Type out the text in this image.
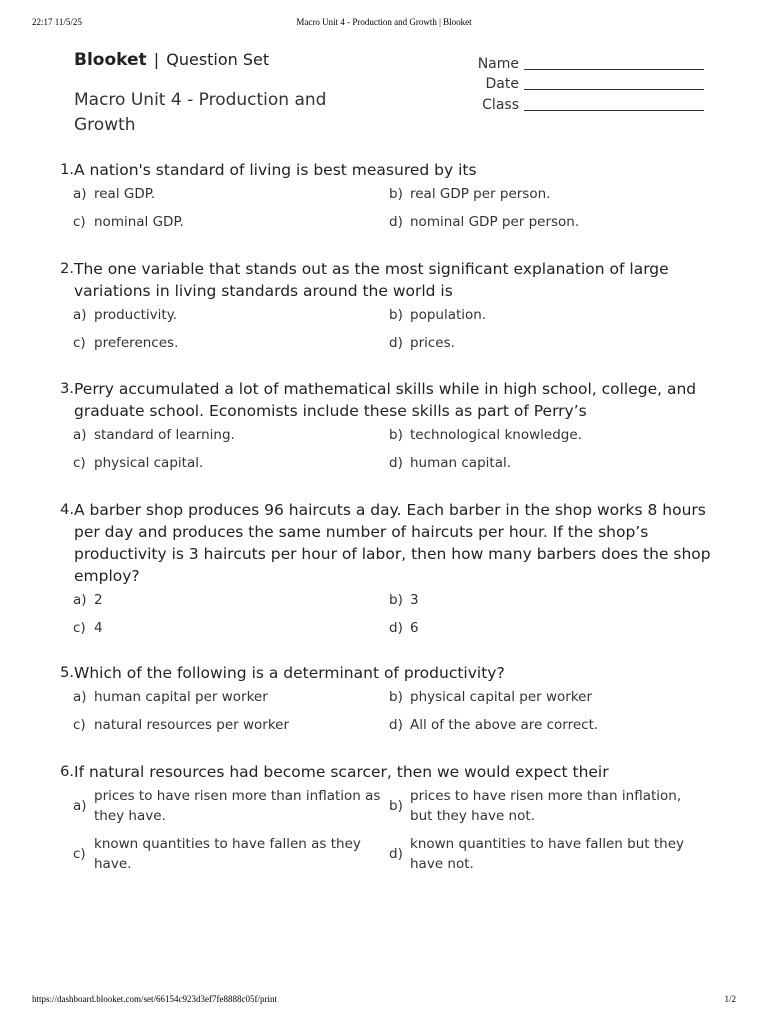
22:17 11/5/25	Macro Unit 4 - Production and Growth | Blooket
Blooket | Question Set
Macro Unit 4 - Production and Growth
Name
Date
Class
1. A nation's standard of living is best measured by its
a) real GDP.	b) real GDP per person.
c) nominal GDP.	d) nominal GDP per person.
2. The one variable that stands out as the most significant explanation of large variations in living standards around the world is
a) productivity.	b) population.
c) preferences.	d) prices.
3. Perry accumulated a lot of mathematical skills while in high school, college, and graduate school. Economists include these skills as part of Perry’s
a) standard of learning.	b) technological knowledge.
c) physical capital.	d) human capital.
4. A barber shop produces 96 haircuts a day. Each barber in the shop works 8 hours per day and produces the same number of haircuts per hour. If the shop’s productivity is 3 haircuts per hour of labor, then how many barbers does the shop employ?
a) 2	b) 3
c) 4	d) 6
5. Which of the following is a determinant of productivity?
a) human capital per worker	b) physical capital per worker
c) natural resources per worker	d) All of the above are correct.
6. If natural resources had become scarcer, then we would expect their
a)
prices to have risen more than inflation as they have.
b)
prices to have risen more than inflation, but they have not.
c)
known quantities to have fallen as they have.
d)
known quantities to have fallen but they have not.
https://dashboard.blooket.com/set/66154c923d3ef7fe8888c05f/print	1/2
